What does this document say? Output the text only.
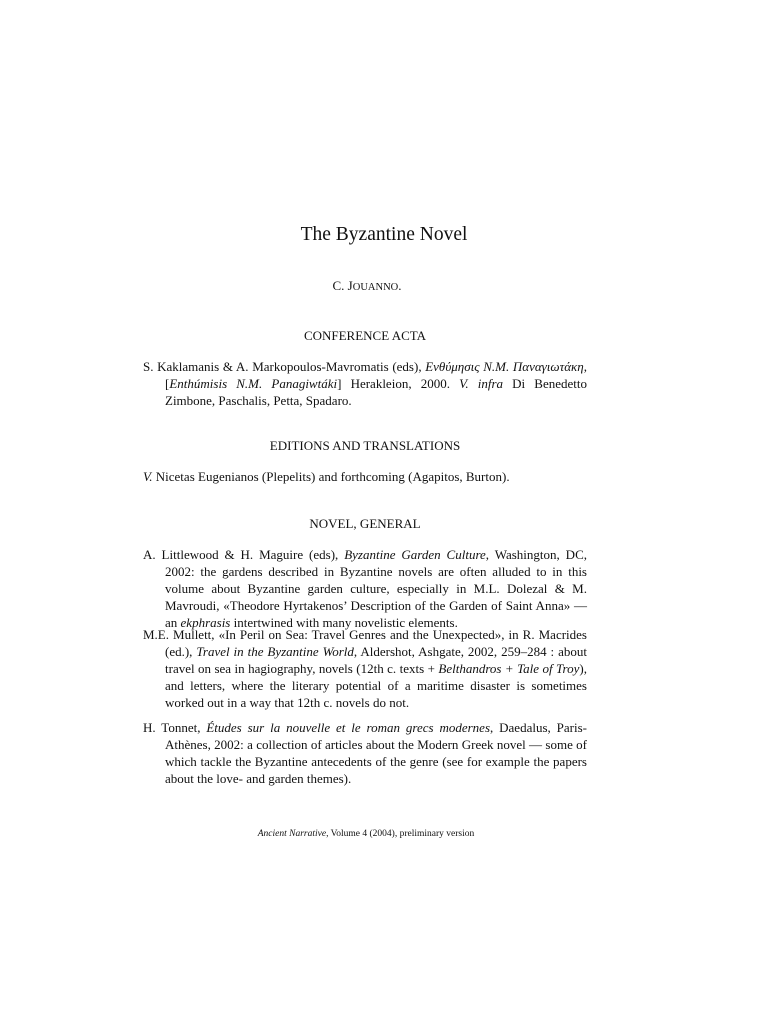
The Byzantine Novel
C. JOUANNO.
CONFERENCE ACTA
S. Kaklamanis & A. Markopoulos-Mavromatis (eds), Ενθύμησις Ν.Μ. Παναγιωτάκη, [Enthúmisis N.M. Panagiwtáki] Herakleion, 2000. V. infra Di Benedetto Zimbone, Paschalis, Petta, Spadaro.
EDITIONS AND TRANSLATIONS
V. Nicetas Eugenianos (Plepelits) and forthcoming (Agapitos, Burton).
NOVEL, GENERAL
A. Littlewood & H. Maguire (eds), Byzantine Garden Culture, Washington, DC, 2002: the gardens described in Byzantine novels are often alluded to in this volume about Byzantine garden culture, especially in M.L. Dolezal & M. Mavroudi, «Theodore Hyrtakenos’ Description of the Garden of Saint Anna» — an ekphrasis intertwined with many novelistic elements.
M.E. Mullett, «In Peril on Sea: Travel Genres and the Unexpected», in R. Macrides (ed.), Travel in the Byzantine World, Aldershot, Ashgate, 2002, 259–284 : about travel on sea in hagiography, novels (12th c. texts + Belthandros + Tale of Troy), and letters, where the literary potential of a maritime disaster is sometimes worked out in a way that 12th c. novels do not.
H. Tonnet, Études sur la nouvelle et le roman grecs modernes, Daedalus, Paris-Athènes, 2002: a collection of articles about the Modern Greek novel — some of which tackle the Byzantine antecedents of the genre (see for example the papers about the love- and garden themes).
Ancient Narrative, Volume 4 (2004), preliminary version
